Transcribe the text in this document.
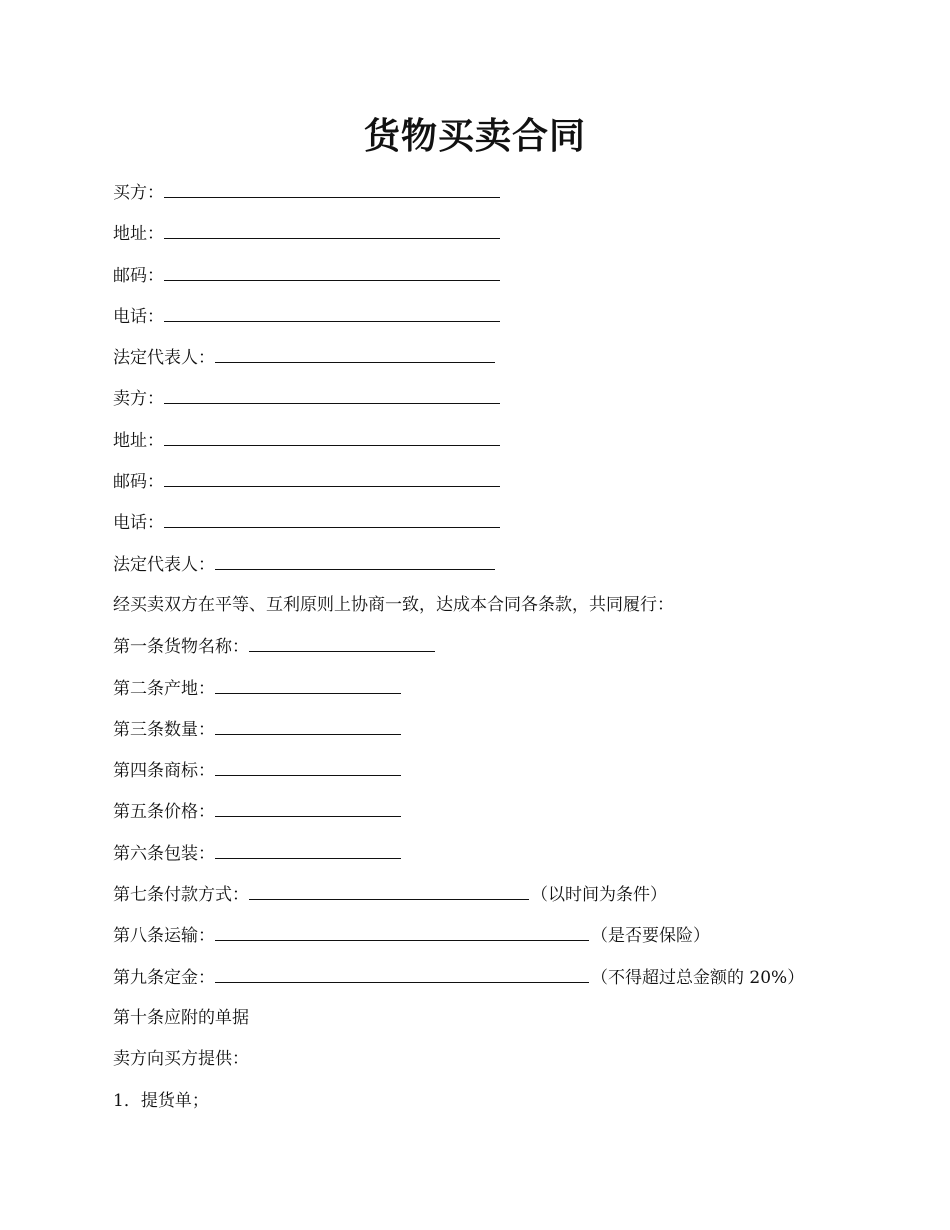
货物买卖合同
买方：
地址：
邮码：
电话：
法定代表人：
卖方：
地址：
邮码：
电话：
法定代表人：
经买卖双方在平等、互利原则上协商一致，达成本合同各条款，共同履行：
第一条货物名称：
第二条产地：
第三条数量：
第四条商标：
第五条价格：
第六条包装：
第七条付款方式：	（以时间为条件）
第八条运输：	（是否要保险）
第九条定金：	（不得超过总金额的 20%）
第十条应附的单据
卖方向买方提供：
1．提货单；
